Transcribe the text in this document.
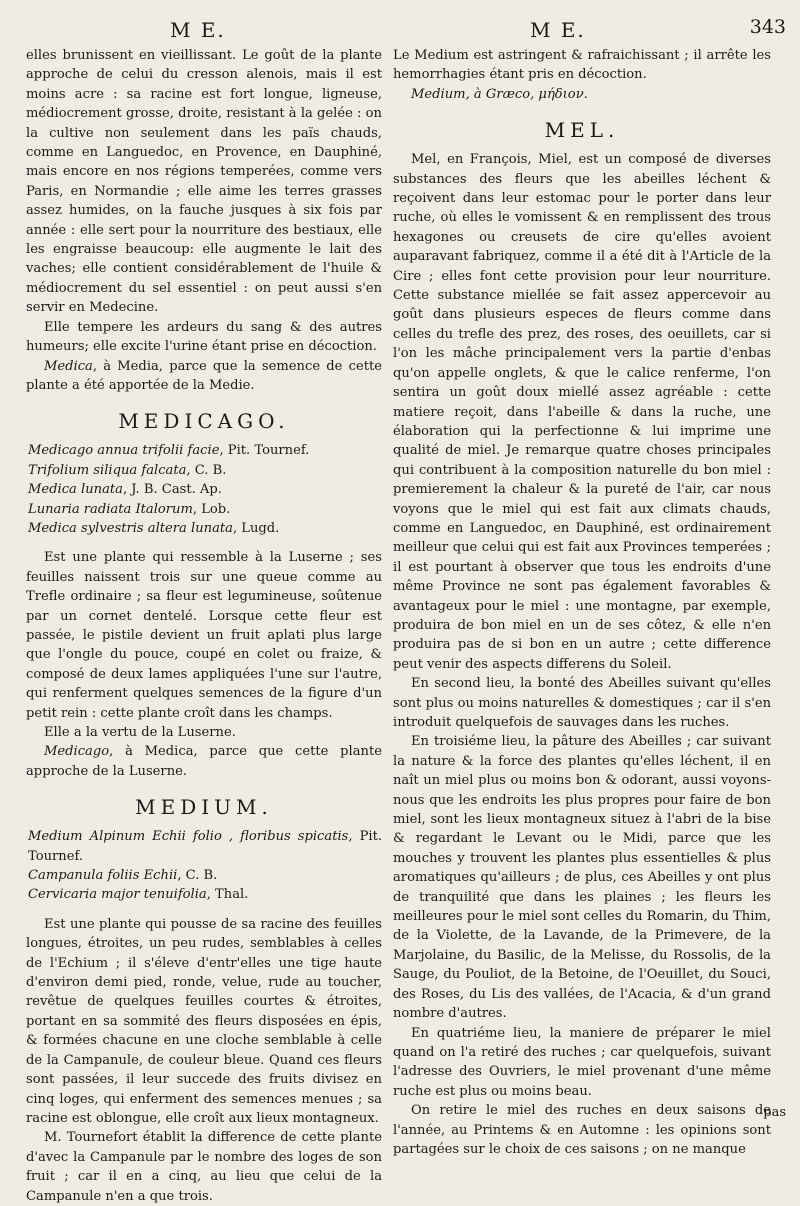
M E.	M E.	343

elles brunissent en vieillissant. Le goût de la plante approche de celui du cresson alenois, mais il est moins acre : sa racine est fort longue, ligneuse, médiocrement grosse, droite, resistant à la gelée : on la cultive non seulement dans les païs chauds, comme en Languedoc, en Provence, en Dauphiné, mais encore en nos régions temperées, comme vers Paris, en Normandie ; elle aime les terres grasses assez humides, on la fauche jusques à six fois par année : elle sert pour la nourriture des bestiaux, elle les engraisse beaucoup: elle augmente le lait des vaches; elle contient considérablement de l'huile & médiocrement du sel essentiel : on peut aussi s'en servir en Medecine.

Elle tempere les ardeurs du sang & des autres humeurs; elle excite l'urine étant prise en décoction.

Medica, à Media, parce que la semence de cette plante a été apportée de la Medie.

MEDICAGO.
Medicago annua trifolii facie, Pit. Tournef.
Trifolium siliqua falcata, C. B.
Medica lunata, J. B. Cast. Ap.
Lunaria radiata Italorum, Lob.
Medica sylvestris altera lunata, Lugd.

Est une plante qui ressemble à la Luserne ; ses feuilles naissent trois sur une queue comme au Trefle ordinaire ; sa fleur est legumineuse, soûtenue par un cornet dentelé. Lorsque cette fleur est passée, le pistile devient un fruit aplati plus large que l'ongle du pouce, coupé en colet ou fraize, & composé de deux lames appliquées l'une sur l'autre, qui renferment quelques semences de la figure d'un petit rein : cette plante croît dans les champs.

Elle a la vertu de la Luserne.

Medicago, à Medica, parce que cette plante approche de la Luserne.

MEDIUM.
Medium Alpinum Echii folio , floribus spicatis, Pit. Tournef.
Campanula foliis Echii, C. B.
Cervicaria major tenuifolia, Thal.

Est une plante qui pousse de sa racine des feuilles longues, étroites, un peu rudes, semblables à celles de l'Echium ; il s'éleve d'entr'elles une tige haute d'environ demi pied, ronde, velue, rude au toucher, revêtue de quelques feuilles courtes & étroites, portant en sa sommité des fleurs disposées en épis, & formées chacune en une cloche semblable à celle de la Campanule, de couleur bleue. Quand ces fleurs sont passées, il leur succede des fruits divisez en cinq loges, qui enferment des semences menues ; sa racine est oblongue, elle croît aux lieux montagneux.

M. Tournefort établit la difference de cette plante d'avec la Campanule par le nombre des loges de son fruit ; car il en a cinq, au lieu que celui de la Campanule n'en a que trois.

Le Medium est astringent & rafraichissant ; il arrête les hemorrhagies étant pris en décoction.

Medium, à Græco, μήδιον.

MEL.

Mel, en François, Miel, est un composé de diverses substances des fleurs que les abeilles léchent & reçoivent dans leur estomac pour le porter dans leur ruche, où elles le vomissent & en remplissent des trous hexagones ou creusets de cire qu'elles avoient auparavant fabriquez, comme il a été dit à l'Article de la Cire ; elles font cette provision pour leur nourriture. Cette substance miellée se fait assez appercevoir au goût dans plusieurs especes de fleurs comme dans celles du trefle des prez, des roses, des oeuillets, car si l'on les mâche principalement vers la partie d'enbas qu'on appelle onglets, & que le calice renferme, l'on sentira un goût doux miellé assez agréable : cette matiere reçoit, dans l'abeille & dans la ruche, une élaboration qui la perfectionne & lui imprime une qualité de miel. Je remarque quatre choses principales qui contribuent à la composition naturelle du bon miel : premierement la chaleur & la pureté de l'air, car nous voyons que le miel qui est fait aux climats chauds, comme en Languedoc, en Dauphiné, est ordinairement meilleur que celui qui est fait aux Provinces temperées ; il est pourtant à observer que tous les endroits d'une même Province ne sont pas également favorables & avantageux pour le miel : une montagne, par exemple, produira de bon miel en un de ses côtez, & elle n'en produira pas de si bon en un autre ; cette difference peut venir des aspects differens du Soleil.

En second lieu, la bonté des Abeilles suivant qu'elles sont plus ou moins naturelles & domestiques ; car il s'en introduit quelquefois de sauvages dans les ruches.

En troisiéme lieu, la pâture des Abeilles ; car suivant la nature & la force des plantes qu'elles léchent, il en naît un miel plus ou moins bon & odorant, aussi voyons-nous que les endroits les plus propres pour faire de bon miel, sont les lieux montagneux situez à l'abri de la bise & regardant le Levant ou le Midi, parce que les mouches y trouvent les plantes plus essentielles & plus aromatiques qu'ailleurs ; de plus, ces Abeilles y ont plus de tranquilité que dans les plaines ; les fleurs les meilleures pour le miel sont celles du Romarin, du Thim, de la Violette, de la Lavande, de la Primevere, de la Marjolaine, du Basilic, de la Melisse, du Rossolis, de la Sauge, du Pouliot, de la Betoine, de l'Oeuillet, du Souci, des Roses, du Lis des vallées, de l'Acacia, & d'un grand nombre d'autres.

En quatriéme lieu, la maniere de préparer le miel quand on l'a retiré des ruches ; car quelquefois, suivant l'adresse des Ouvriers, le miel provenant d'une même ruche est plus ou moins beau.

On retire le miel des ruches en deux saisons de l'année, au Printems & en Automne : les opinions sont partagées sur le choix de ces saisons ; on ne manque

pas
